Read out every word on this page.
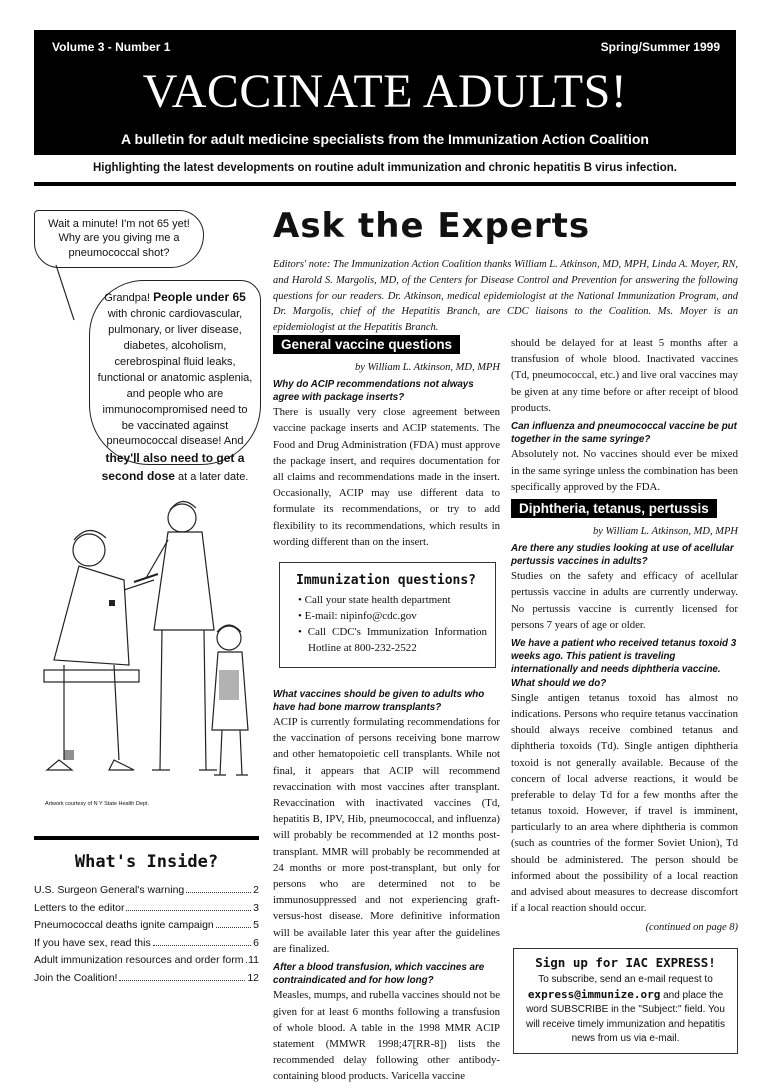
Volume 3 - Number 1	Spring/Summer 1999
VACCINATE ADULTS!
A bulletin for adult medicine specialists from the Immunization Action Coalition
Highlighting the latest developments on routine adult immunization and chronic hepatitis B virus infection.
Wait a minute! I'm not 65 yet! Why are you giving me a pneumococcal shot?
Grandpa! People under 65 with chronic cardiovascular, pulmonary, or liver disease, diabetes, alcoholism, cerebrospinal fluid leaks, functional or anatomic asplenia, and people who are immunocompromised need to be vaccinated against pneumococcal disease! And they'll also need to get a second dose at a later date.
Artwork courtesy of N Y State Health Dept.
What's Inside?
U.S. Surgeon General's warning	2
Letters to the editor	3
Pneumococcal deaths ignite campaign	5
If you have sex, read this	6
Adult immunization resources and order form 11
Join the Coalition!	12
Ask the Experts
Editors' note: The Immunization Action Coalition thanks William L. Atkinson, MD, MPH, Linda A. Moyer, RN, and Harold S. Margolis, MD, of the Centers for Disease Control and Prevention for answering the following questions for our readers. Dr. Atkinson, medical epidemiologist at the National Immunization Program, and Dr. Margolis, chief of the Hepatitis Branch, are CDC liaisons to the Coalition. Ms. Moyer is an epidemiologist at the Hepatitis Branch.
General vaccine questions
by William L. Atkinson, MD, MPH
Why do ACIP recommendations not always agree with package inserts?
There is usually very close agreement between vaccine package inserts and ACIP statements. The Food and Drug Administration (FDA) must approve the package insert, and requires documentation for all claims and recommendations made in the insert. Occasionally, ACIP may use different data to formulate its recommendations, or try to add flexibility to its recommendations, which results in wording different than on the insert.
Immunization questions?
• Call your state health department
• E-mail: nipinfo@cdc.gov
• Call CDC's Immunization Information Hotline at 800-232-2522
What vaccines should be given to adults who have had bone marrow transplants?
ACIP is currently formulating recommendations for the vaccination of persons receiving bone marrow and other hematopoietic cell transplants. While not final, it appears that ACIP will recommend revaccination with most vaccines after transplant. Revaccination with inactivated vaccines (Td, hepatitis B, IPV, Hib, pneumococcal, and influenza) will probably be recommended at 12 months post-transplant. MMR will probably be recommended at 24 months or more post-transplant, but only for persons who are determined not to be immunosuppressed and not experiencing graft-versus-host disease. More definitive information will be available later this year after the guidelines are finalized.
After a blood transfusion, which vaccines are contraindicated and for how long?
Measles, mumps, and rubella vaccines should not be given for at least 6 months following a transfusion of whole blood. A table in the 1998 MMR ACIP statement (MMWR 1998;47[RR-8]) lists the recommended delay following other antibody-containing blood products. Varicella vaccine
should be delayed for at least 5 months after a transfusion of whole blood. Inactivated vaccines (Td, pneumococcal, etc.) and live oral vaccines may be given at any time before or after receipt of blood products.
Can influenza and pneumococcal vaccine be put together in the same syringe?
Absolutely not. No vaccines should ever be mixed in the same syringe unless the combination has been specifically approved by the FDA.
Diphtheria, tetanus, pertussis
by William L. Atkinson, MD, MPH
Are there any studies looking at use of acellular pertussis vaccines in adults?
Studies on the safety and efficacy of acellular pertussis vaccine in adults are currently underway. No pertussis vaccine is currently licensed for persons 7 years of age or older.
We have a patient who received tetanus toxoid 3 weeks ago. This patient is traveling internationally and needs diphtheria vaccine. What should we do?
Single antigen tetanus toxoid has almost no indications. Persons who require tetanus vaccination should always receive combined tetanus and diphtheria toxoids (Td). Single antigen diphtheria toxoid is not generally available. Because of the concern of local adverse reactions, it would be preferable to delay Td for a few months after the tetanus toxoid. However, if travel is imminent, particularly to an area where diphtheria is common (such as countries of the former Soviet Union), Td should be administered. The person should be informed about the possibility of a local reaction and advised about measures to decrease discomfort if a local reaction should occur.
(continued on page 8)
Sign up for IAC EXPRESS!
To subscribe, send an e-mail request to
express@immunize.org and place the word SUBSCRIBE in the "Subject:" field. You will receive timely immunization and hepatitis news from us via e-mail.
